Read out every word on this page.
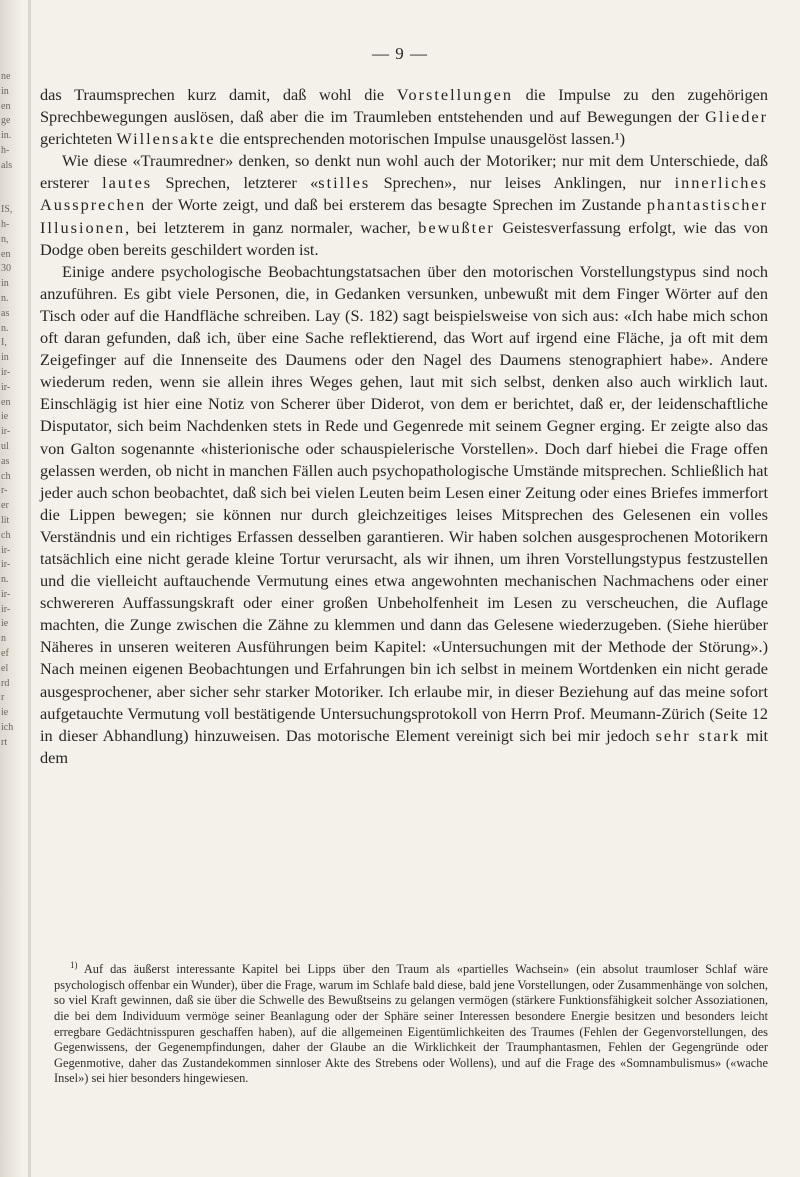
ne
in
en
ge
in.
h-
als
IS,
h-
n,
en
30
in
n.
as
n.
I,
in
ir-
ir-
en
ie
ir-
ul
as
ch
r-
er
lit
ch
ir-
ir-
n.
ir-
ir-
ie
n
ef
el
rd
r
ie
ich
rt
— 9 —

das Traumsprechen kurz damit, daß wohl die Vorstellungen die Impulse zu den zugehörigen Sprechbewegungen auslösen, daß aber die im Traumleben entstehenden und auf Bewegungen der Glieder gerichteten Willensakte die entsprechenden motorischen Impulse unausgelöst lassen.¹)

Wie diese «Traumredner» denken, so denkt nun wohl auch der Motoriker; nur mit dem Unterschiede, daß ersterer lautes Sprechen, letzterer «stilles Sprechen», nur leises Anklingen, nur innerliches Aussprechen der Worte zeigt, und daß bei ersterem das besagte Sprechen im Zustande phantastischer Illusionen, bei letzterem in ganz normaler, wacher, bewußter Geistesverfassung erfolgt, wie das von Dodge oben bereits geschildert worden ist.

Einige andere psychologische Beobachtungstatsachen über den motorischen Vorstellungstypus sind noch anzuführen. Es gibt viele Personen, die, in Gedanken versunken, unbewußt mit dem Finger Wörter auf den Tisch oder auf die Handfläche schreiben. Lay (S. 182) sagt beispielsweise von sich aus: «Ich habe mich schon oft daran gefunden, daß ich, über eine Sache reflektierend, das Wort auf irgend eine Fläche, ja oft mit dem Zeigefinger auf die Innenseite des Daumens oder den Nagel des Daumens stenographiert habe». Andere wiederum reden, wenn sie allein ihres Weges gehen, laut mit sich selbst, denken also auch wirklich laut. Einschlägig ist hier eine Notiz von Scherer über Diderot, von dem er berichtet, daß er, der leidenschaftliche Disputator, sich beim Nachdenken stets in Rede und Gegenrede mit seinem Gegner erging. Er zeigte also das von Galton sogenannte «histerionische oder schauspielerische Vorstellen». Doch darf hiebei die Frage offen gelassen werden, ob nicht in manchen Fällen auch psychopathologische Umstände mitsprechen. Schließlich hat jeder auch schon beobachtet, daß sich bei vielen Leuten beim Lesen einer Zeitung oder eines Briefes immerfort die Lippen bewegen; sie können nur durch gleichzeitiges leises Mitsprechen des Gelesenen ein volles Verständnis und ein richtiges Erfassen desselben garantieren. Wir haben solchen ausgesprochenen Motorikern tatsächlich eine nicht gerade kleine Tortur verursacht, als wir ihnen, um ihren Vorstellungstypus festzustellen und die vielleicht auftauchende Vermutung eines etwa angewohnten mechanischen Nachmachens oder einer schwereren Auffassungskraft oder einer großen Unbeholfenheit im Lesen zu verscheuchen, die Auflage machten, die Zunge zwischen die Zähne zu klemmen und dann das Gelesene wiederzugeben. (Siehe hierüber Näheres in unseren weiteren Ausführungen beim Kapitel: «Untersuchungen mit der Methode der Störung».) Nach meinen eigenen Beobachtungen und Erfahrungen bin ich selbst in meinem Wortdenken ein nicht gerade ausgesprochener, aber sicher sehr starker Motoriker. Ich erlaube mir, in dieser Beziehung auf das meine sofort aufgetauchte Vermutung voll bestätigende Untersuchungsprotokoll von Herrn Prof. Meumann-Zürich (Seite 12 in dieser Abhandlung) hinzuweisen. Das motorische Element vereinigt sich bei mir jedoch sehr stark mit dem

$^{1)}$ Auf das äußerst interessante Kapitel bei Lipps über den Traum als «partielles Wachsein» (ein absolut traumloser Schlaf wäre psychologisch offenbar ein Wunder), über die Frage, warum im Schlafe bald diese, bald jene Vorstellungen, oder Zusammenhänge von solchen, so viel Kraft gewinnen, daß sie über die Schwelle des Bewußtseins zu gelangen vermögen (stärkere Funktionsfähigkeit solcher Assoziationen, die bei dem Individuum vermöge seiner Beanlagung oder der Sphäre seiner Interessen besondere Energie besitzen und besonders leicht erregbare Gedächtnisspuren geschaffen haben), auf die allgemeinen Eigentümlichkeiten des Traumes (Fehlen der Gegenvorstellungen, des Gegenwissens, der Gegenempfindungen, daher der Glaube an die Wirklichkeit der Traumphantasmen, Fehlen der Gegengründe oder Gegenmotive, daher das Zustandekommen sinnloser Akte des Strebens oder Wollens), und auf die Frage des «Somnambulismus» («wache Insel») sei hier besonders hingewiesen.
